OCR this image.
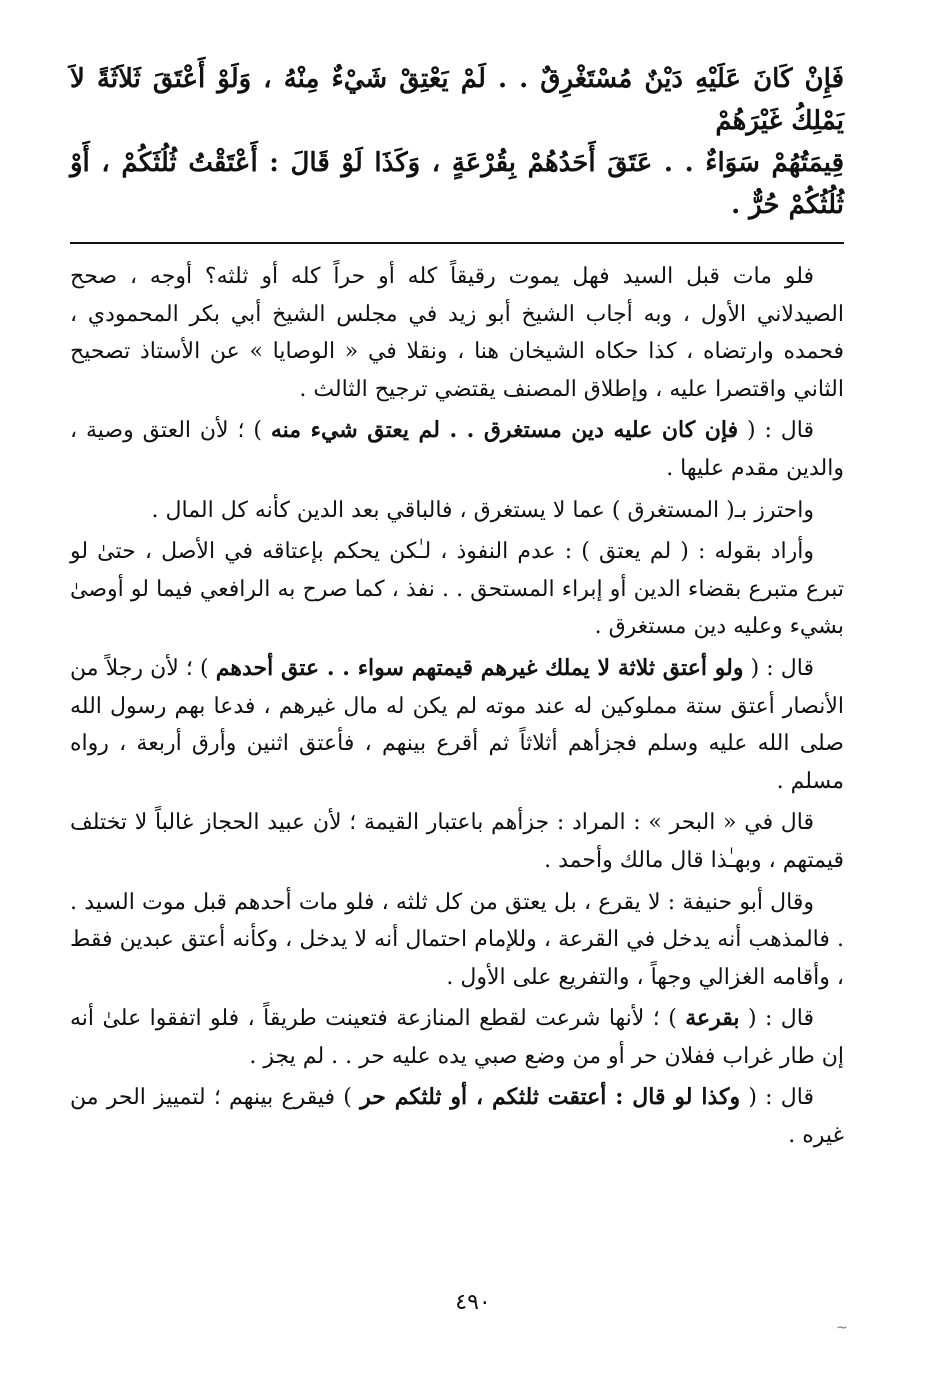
فَإِنْ كَانَ عَلَيْهِ دَيْنٌ مُسْتَغْرِقٌ . . لَمْ يَعْتِقْ شَيْءٌ مِنْهُ ، وَلَوْ أَعْتَقَ ثَلاَثَةً لاَ يَمْلِكُ غَيْرَهُمْ

قِيمَتُهُمْ سَوَاءٌ . . عَتَقَ أَحَدُهُمْ بِقُرْعَةٍ ، وَكَذَا لَوْ قَالَ : أَعْتَقْتُ ثُلُثَكُمْ ، أَوْ ثُلُثُكُمْ حُرٌّ .

فلو مات قبل السيد فهل يموت رقيقاً كله أو حراً كله أو ثلثه؟ أوجه ، صحح الصيدلاني الأول ، وبه أجاب الشيخ أبو زيد في مجلس الشيخ أبي بكر المحمودي ، فحمده وارتضاه ، كذا حكاه الشيخان هنا ، ونقلا في « الوصايا » عن الأستاذ تصحيح الثاني واقتصرا عليه ، وإطلاق المصنف يقتضي ترجيح الثالث .

قال : ( فإن كان عليه دين مستغرق . . لم يعتق شيء منه ) ؛ لأن العتق وصية ، والدين مقدم عليها .

واحترز بـ( المستغرق ) عما لا يستغرق ، فالباقي بعد الدين كأنه كل المال .

وأراد بقوله : ( لم يعتق ) : عدم النفوذ ، لـٰكن يحكم بإعتاقه في الأصل ، حتىٰ لو تبرع متبرع بقضاء الدين أو إبراء المستحق . . نفذ ، كما صرح به الرافعي فيما لو أوصىٰ بشيء وعليه دين مستغرق .

قال : ( ولو أعتق ثلاثة لا يملك غيرهم قيمتهم سواء . . عتق أحدهم ) ؛ لأن رجلاً من الأنصار أعتق ستة مملوكين له عند موته لم يكن له مال غيرهم ، فدعا بهم رسول الله صلى الله عليه وسلم فجزأهم أثلاثاً ثم أقرع بينهم ، فأعتق اثنين وأرق أربعة ، رواه مسلم .

قال في « البحر » : المراد : جزأهم باعتبار القيمة ؛ لأن عبيد الحجاز غالباً لا تختلف قيمتهم ، وبهـٰذا قال مالك وأحمد .

وقال أبو حنيفة : لا يقرع ، بل يعتق من كل ثلثه ، فلو مات أحدهم قبل موت السيد . . فالمذهب أنه يدخل في القرعة ، وللإمام احتمال أنه لا يدخل ، وكأنه أعتق عبدين فقط ، وأقامه الغزالي وجهاً ، والتفريع على الأول .

قال : ( بقرعة ) ؛ لأنها شرعت لقطع المنازعة فتعينت طريقاً ، فلو اتفقوا علىٰ أنه إن طار غراب ففلان حر أو من وضع صبي يده عليه حر . . لم يجز .

قال : ( وكذا لو قال : أعتقت ثلثكم ، أو ثلثكم حر ) فيقرع بينهم ؛ لتمييز الحر من غيره .

٤٩٠
~
